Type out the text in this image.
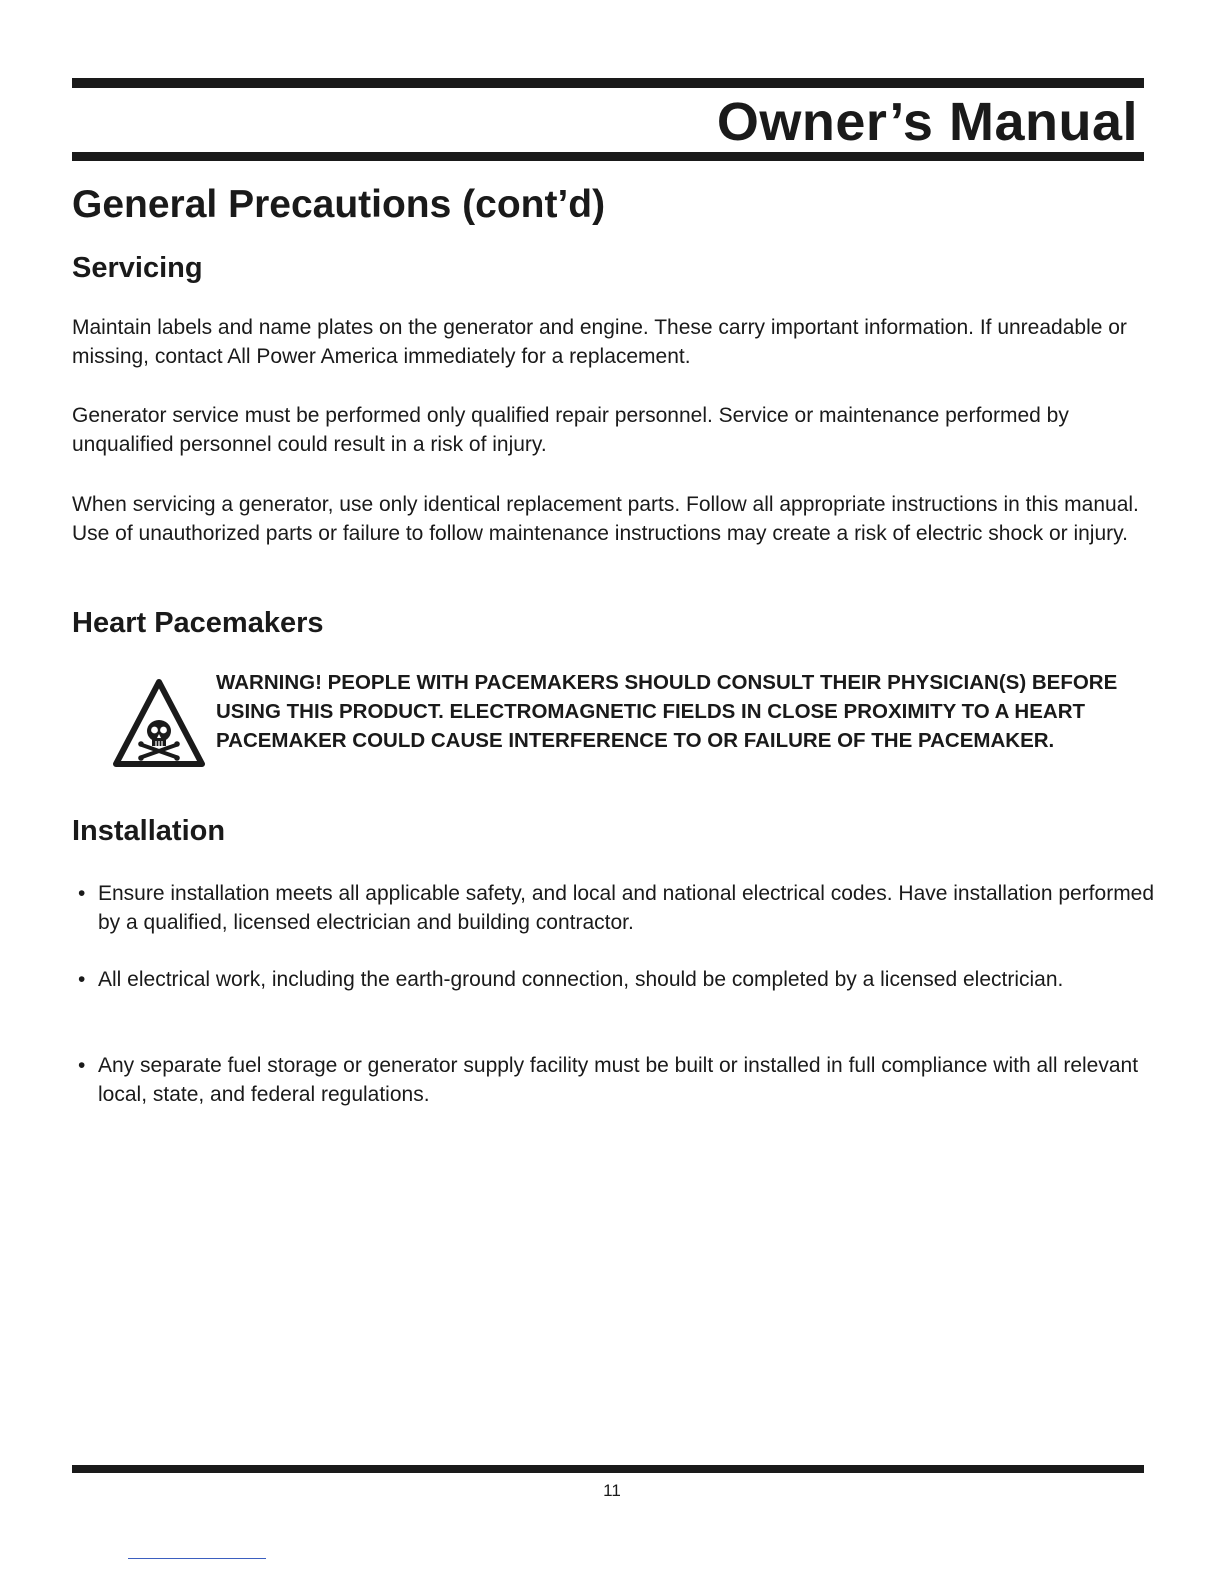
Owner’s Manual
General Precautions (cont’d)
Servicing

Maintain labels and name plates on the generator and engine. These carry important information. If unreadable or missing, contact All Power America immediately for a replacement.

Generator service must be performed only qualified repair personnel. Service or maintenance performed by unqualified personnel could result in a risk of injury.

When servicing a generator, use only identical replacement parts. Follow all appropriate instructions in this manual. Use of unauthorized parts or failure to follow maintenance instructions may create a risk of electric shock or injury.

Heart Pacemakers

WARNING! PEOPLE WITH PACEMAKERS SHOULD CONSULT THEIR PHYSICIAN(S) BEFORE USING THIS PRODUCT. ELECTROMAGNETIC FIELDS IN CLOSE PROXIMITY TO A HEART PACEMAKER COULD CAUSE INTERFERENCE TO OR FAILURE OF THE PACEMAKER.

Installation

• Ensure installation meets all applicable safety, and local and national electrical codes. Have installation performed by a qualified, licensed electrician and building contractor.

• All electrical work, including the earth-ground connection, should be completed by a licensed electrician.

• Any separate fuel storage or generator supply facility must be built or installed in full compliance with all relevant local, state, and federal regulations.

11
